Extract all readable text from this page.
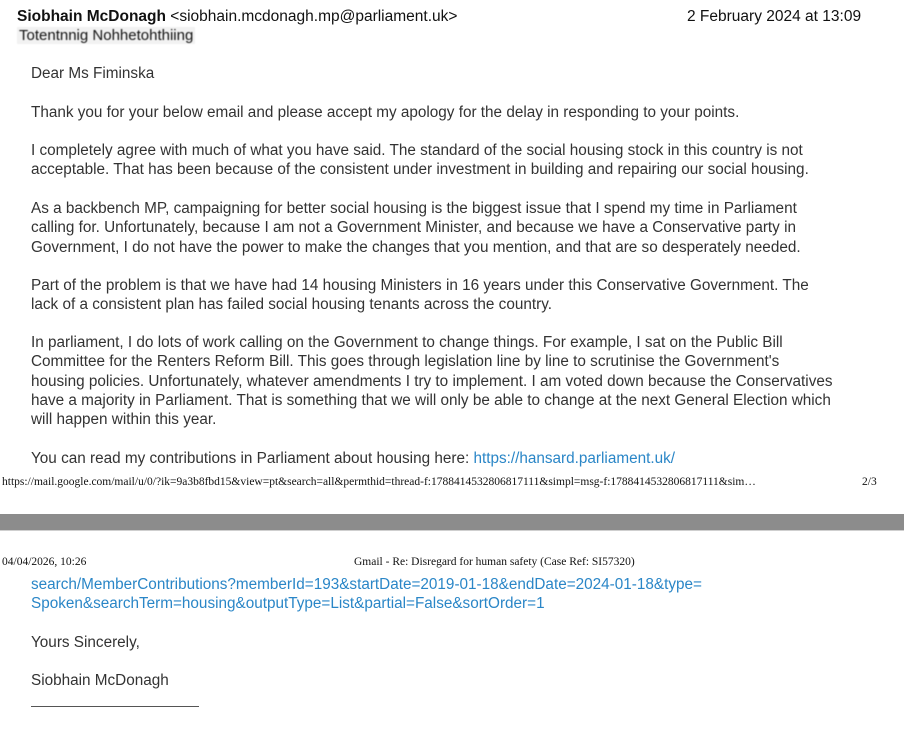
Siobhain McDonagh <siobhain.mcdonagh.mp@parliament.uk>	2 February 2024 at 13:09
Totentnnig Nohhetohthiing

Dear Ms Fiminska

Thank you for your below email and please accept my apology for the delay in responding to your points.

I completely agree with much of what you have said. The standard of the social housing stock in this country is not

acceptable. That has been because of the consistent under investment in building and repairing our social housing.

As a backbench MP, campaigning for better social housing is the biggest issue that I spend my time in Parliament

calling for. Unfortunately, because I am not a Government Minister, and because we have a Conservative party in

Government, I do not have the power to make the changes that you mention, and that are so desperately needed.

Part of the problem is that we have had 14 housing Ministers in 16 years under this Conservative Government. The

lack of a consistent plan has failed social housing tenants across the country.

In parliament, I do lots of work calling on the Government to change things. For example, I sat on the Public Bill

Committee for the Renters Reform Bill. This goes through legislation line by line to scrutinise the Government's

housing policies. Unfortunately, whatever amendments I try to implement. I am voted down because the Conservatives

have a majority in Parliament. That is something that we will only be able to change at the next General Election which

will happen within this year.

You can read my contributions in Parliament about housing here: https://hansard.parliament.uk/

https://mail.google.com/mail/u/0/?ik=9a3b8fbd15&view=pt&search=all&permthid=thread-f:1788414532806817111&simpl=msg-f:1788414532806817111&sim…	2/3
04/04/2026, 10:26	Gmail - Re: Disregard for human safety (Case Ref: SI57320)

search/MemberContributions?memberId=193&startDate=2019-01-18&endDate=2024-01-18&type=

Spoken&searchTerm=housing&outputType=List&partial=False&sortOrder=1

Yours Sincerely,

Siobhain McDonagh
